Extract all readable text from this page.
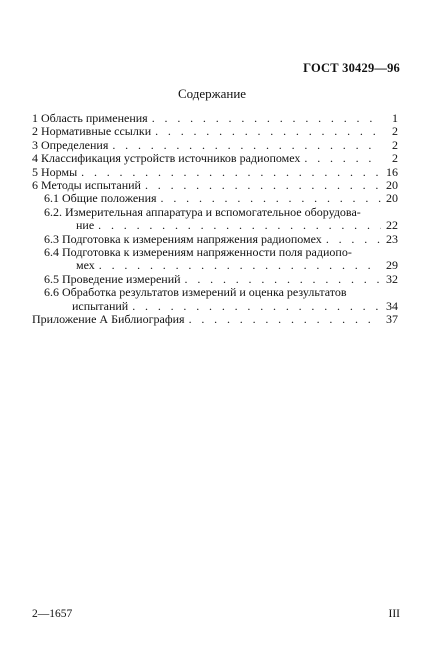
ГОСТ 30429—96
Содержание
1 Область применения . . .	1
2 Нормативные ссылки . . .	2
3 Определения . . .	2
4 Классификация устройств источников радиопомех . . .	2
5 Нормы . . .	16
6 Методы испытаний . . .	20
6.1 Общие положения . . .	20
6.2. Измерительная аппаратура и вспомогательное оборудова-
ние . . .	22
6.3 Подготовка к измерениям напряжения радиопомех . . .	23
6.4 Подготовка к измерениям напряженности поля радиопо-
мех . . .	29
6.5 Проведение измерений . . .	32
6.6 Обработка результатов измерений и оценка результатов
испытаний . . .	34
Приложение А Библиография . . .	37
2—1657	III
